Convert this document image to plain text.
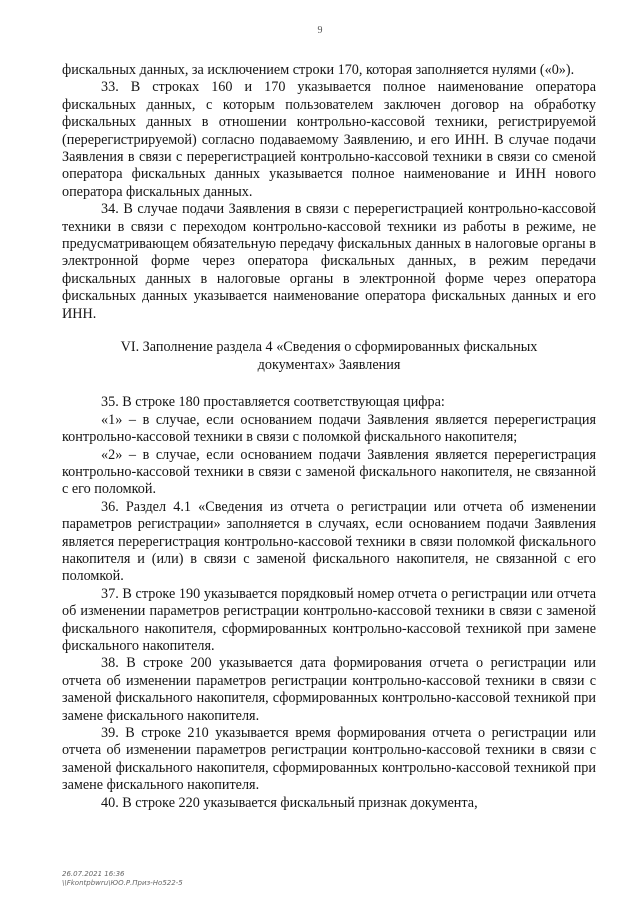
9

фискальных данных, за исключением строки 170, которая заполняется нулями («0»).

33. В строках 160 и 170 указывается полное наименование оператора фискальных данных, с которым пользователем заключен договор на обработку фискальных данных в отношении контрольно-кассовой техники, регистрируемой (перерегистрируемой) согласно подаваемому Заявлению, и его ИНН. В случае подачи Заявления в связи с перерегистрацией контрольно-кассовой техники в связи со сменой оператора фискальных данных указывается полное наименование и ИНН нового оператора фискальных данных.

34. В случае подачи Заявления в связи с перерегистрацией контрольно-кассовой техники в связи с переходом контрольно-кассовой техники из работы в режиме, не предусматривающем обязательную передачу фискальных данных в налоговые органы в электронной форме через оператора фискальных данных, в режим передачи фискальных данных в налоговые органы в электронной форме через оператора фискальных данных указывается наименование оператора фискальных данных и его ИНН.

VI. Заполнение раздела 4 «Сведения о сформированных фискальных документах» Заявления

35. В строке 180 проставляется соответствующая цифра:

«1» – в случае, если основанием подачи Заявления является перерегистрация контрольно-кассовой техники в связи с поломкой фискального накопителя;

«2» – в случае, если основанием подачи Заявления является перерегистрация контрольно-кассовой техники в связи с заменой фискального накопителя, не связанной с его поломкой.

36. Раздел 4.1 «Сведения из отчета о регистрации или отчета об изменении параметров регистрации» заполняется в случаях, если основанием подачи Заявления является перерегистрация контрольно-кассовой техники в связи поломкой фискального накопителя и (или) в связи с заменой фискального накопителя, не связанной с его поломкой.

37. В строке 190 указывается порядковый номер отчета о регистрации или отчета об изменении параметров регистрации контрольно-кассовой техники в связи с заменой фискального накопителя, сформированных контрольно-кассовой техникой при замене фискального накопителя.

38. В строке 200 указывается дата формирования отчета о регистрации или отчета об изменении параметров регистрации контрольно-кассовой техники в связи с заменой фискального накопителя, сформированных контрольно-кассовой техникой при замене фискального накопителя.

39. В строке 210 указывается время формирования отчета о регистрации или отчета об изменении параметров регистрации контрольно-кассовой техники в связи с заменой фискального накопителя, сформированных контрольно-кассовой техникой при замене фискального накопителя.

40. В строке 220 указывается фискальный признак документа,

26.07.2021 16:36
\\Fkontpbwru\ЮО.Р.Приз-Но522-5
